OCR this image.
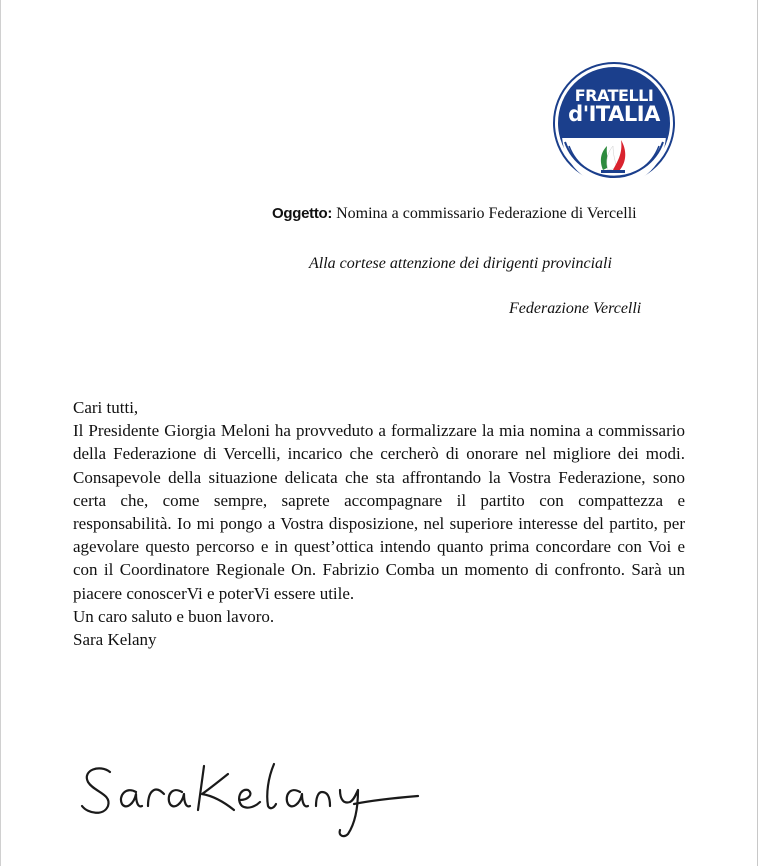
FRATELLI
d'ITALIA
Oggetto: Nomina a commissario Federazione di Vercelli
Alla cortese attenzione dei dirigenti provinciali
Federazione Vercelli

Cari tutti,

Il Presidente Giorgia Meloni ha provveduto a formalizzare la mia nomina a commissario della Federazione di Vercelli, incarico che cercherò di onorare nel migliore dei modi. Consapevole della situazione delicata che sta affrontando la Vostra Federazione, sono certa che, come sempre, saprete accompagnare il partito con compattezza e responsabilità. Io mi pongo a Vostra disposizione, nel superiore interesse del partito, per agevolare questo percorso e in quest’ottica intendo quanto prima concordare con Voi e con il Coordinatore Regionale On. Fabrizio Comba un momento di confronto. Sarà un piacere conoscerVi e poterVi essere utile.

Un caro saluto e buon lavoro.

Sara Kelany
